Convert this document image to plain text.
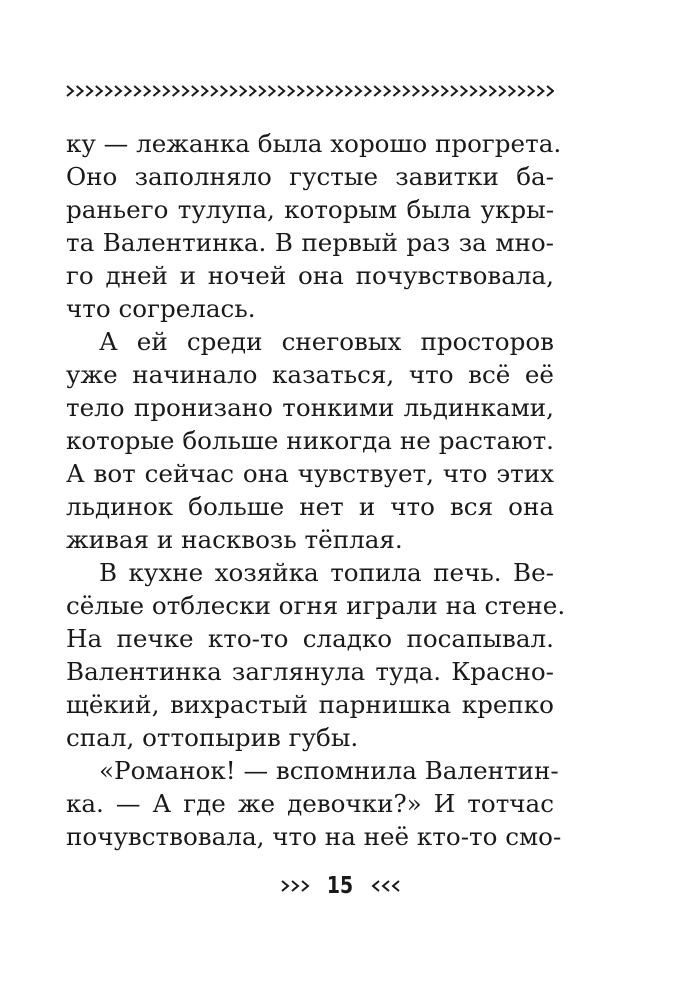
ку — лежанка была хорошо прогрета.
Оно заполняло густые завитки ба-
раньего тулупа, которым была укры-
та Валентинка. В первый раз за мно-
го дней и ночей она почувствовала,
что согрелась.
А ей среди снеговых просторов
уже начинало казаться, что всё её
тело пронизано тонкими льдинками,
которые больше никогда не растают.
А вот сейчас она чувствует, что этих
льдинок больше нет и что вся она
живая и насквозь тёплая.
В кухне хозяйка топила печь. Ве-
сёлые отблески огня играли на стене.
На печке кто-то сладко посапывал.
Валентинка заглянула туда. Красно-
щёкий, вихрастый парнишка крепко
спал, оттопырив губы.
«Романок! — вспомнила Валентин-
ка. — А где же девочки?» И тотчас
почувствовала, что на неё кто-то смо-
15
